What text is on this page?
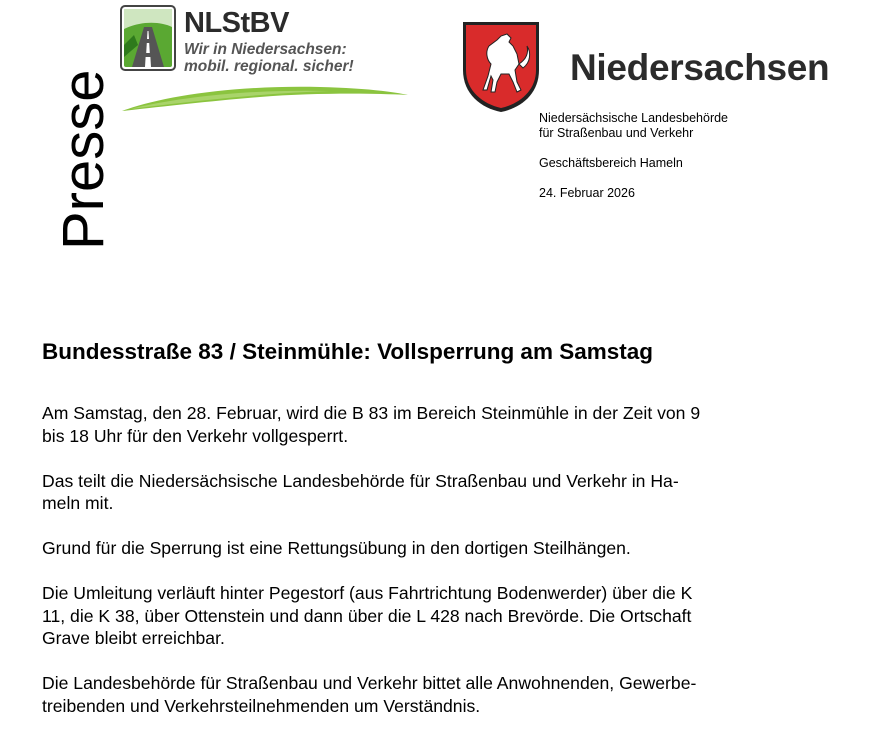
Presse
NLStBV
Wir in Niedersachsen:
mobil. regional. sicher!	Niedersachsen
Niedersächsische Landesbehörde
für Straßenbau und Verkehr
Geschäftsbereich Hameln
24. Februar 2026
Bundesstraße 83 / Steinmühle: Vollsperrung am Samstag

Am Samstag, den 28. Februar, wird die B 83 im Bereich Steinmühle in der Zeit von 9
bis 18 Uhr für den Verkehr vollgesperrt.

Das teilt die Niedersächsische Landesbehörde für Straßenbau und Verkehr in Ha-
meln mit.

Grund für die Sperrung ist eine Rettungsübung in den dortigen Steilhängen.

Die Umleitung verläuft hinter Pegestorf (aus Fahrtrichtung Bodenwerder) über die K
11, die K 38, über Ottenstein und dann über die L 428 nach Brevörde. Die Ortschaft
Grave bleibt erreichbar.

Die Landesbehörde für Straßenbau und Verkehr bittet alle Anwohnenden, Gewerbe-
treibenden und Verkehrsteilnehmenden um Verständnis.
